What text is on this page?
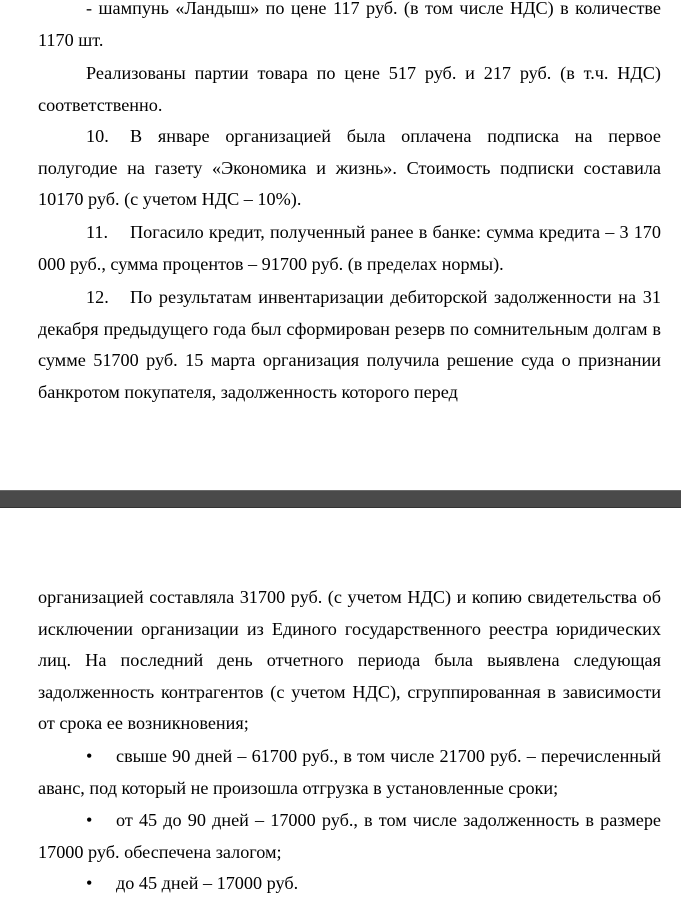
- шампунь «Ландыш» по цене 117 руб. (в том числе НДС) в количестве 1170 шт.

Реализованы партии товара по цене 517 руб. и 217 руб. (в т.ч. НДС) соответственно.

10. В январе организацией была оплачена подписка на первое полугодие на газету «Экономика и жизнь». Стоимость подписки составила 10170 руб. (с учетом НДС – 10%).

11. Погасило кредит, полученный ранее в банке: сумма кредита – 3 170 000 руб., сумма процентов – 91700 руб. (в пределах нормы).

12. По результатам инвентаризации дебиторской задолженности на 31 декабря предыдущего года был сформирован резерв по сомнительным долгам в сумме 51700 руб. 15 марта организация получила решение суда о признании банкротом покупателя, задолженность которого перед

организацией составляла 31700 руб. (с учетом НДС) и копию свидетельства об исключении организации из Единого государственного реестра юридических лиц. На последний день отчетного периода была выявлена следующая задолженность контрагентов (с учетом НДС), сгруппированная в зависимости от срока ее возникновения;

•	свыше 90 дней – 61700 руб., в том числе 21700 руб. – перечисленный аванс, под который не произошла отгрузка в установленные сроки;

•	от 45 до 90 дней – 17000 руб., в том числе задолженность в размере 17000 руб. обеспечена залогом;

•	до 45 дней – 17000 руб.
